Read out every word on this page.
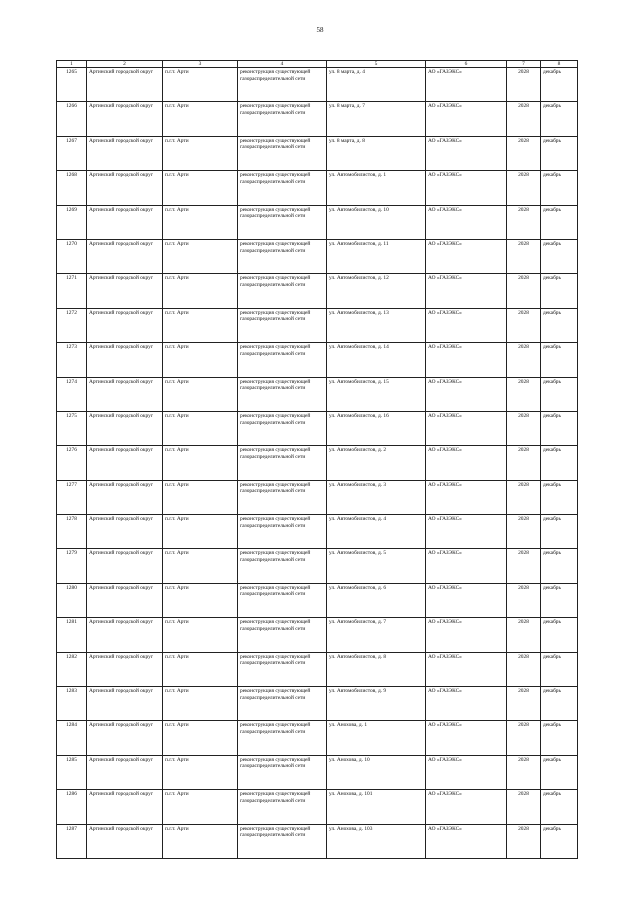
58
1	2	3	4	5	6	7	8
1265	Артинский городской округ	п.г.т. Арти	реконструкция существующей газораспределительной сети	ул. 8 марта, д. 4	АО «ГАЗЭКС»	2028	декабрь
1266	Артинский городской округ	п.г.т. Арти	реконструкция существующей газораспределительной сети	ул. 8 марта, д. 7	АО «ГАЗЭКС»	2028	декабрь
1267	Артинский городской округ	п.г.т. Арти	реконструкция существующей газораспределительной сети	ул. 8 марта, д. 8	АО «ГАЗЭКС»	2028	декабрь
1268	Артинский городской округ	п.г.т. Арти	реконструкция существующей газораспределительной сети	ул. Автомобилистов, д. 1	АО «ГАЗЭКС»	2028	декабрь
1269	Артинский городской округ	п.г.т. Арти	реконструкция существующей газораспределительной сети	ул. Автомобилистов, д. 10	АО «ГАЗЭКС»	2028	декабрь
1270	Артинский городской округ	п.г.т. Арти	реконструкция существующей газораспределительной сети	ул. Автомобилистов, д. 11	АО «ГАЗЭКС»	2028	декабрь
1271	Артинский городской округ	п.г.т. Арти	реконструкция существующей газораспределительной сети	ул. Автомобилистов, д. 12	АО «ГАЗЭКС»	2028	декабрь
1272	Артинский городской округ	п.г.т. Арти	реконструкция существующей газораспределительной сети	ул. Автомобилистов, д. 13	АО «ГАЗЭКС»	2028	декабрь
1273	Артинский городской округ	п.г.т. Арти	реконструкция существующей газораспределительной сети	ул. Автомобилистов, д. 14	АО «ГАЗЭКС»	2028	декабрь
1274	Артинский городской округ	п.г.т. Арти	реконструкция существующей газораспределительной сети	ул. Автомобилистов, д. 15	АО «ГАЗЭКС»	2028	декабрь
1275	Артинский городской округ	п.г.т. Арти	реконструкция существующей газораспределительной сети	ул. Автомобилистов, д. 16	АО «ГАЗЭКС»	2028	декабрь
1276	Артинский городской округ	п.г.т. Арти	реконструкция существующей газораспределительной сети	ул. Автомобилистов, д. 2	АО «ГАЗЭКС»	2028	декабрь
1277	Артинский городской округ	п.г.т. Арти	реконструкция существующей газораспределительной сети	ул. Автомобилистов, д. 3	АО «ГАЗЭКС»	2028	декабрь
1278	Артинский городской округ	п.г.т. Арти	реконструкция существующей газораспределительной сети	ул. Автомобилистов, д. 4	АО «ГАЗЭКС»	2028	декабрь
1279	Артинский городской округ	п.г.т. Арти	реконструкция существующей газораспределительной сети	ул. Автомобилистов, д. 5	АО «ГАЗЭКС»	2028	декабрь
1280	Артинский городской округ	п.г.т. Арти	реконструкция существующей газораспределительной сети	ул. Автомобилистов, д. 6	АО «ГАЗЭКС»	2028	декабрь
1281	Артинский городской округ	п.г.т. Арти	реконструкция существующей газораспределительной сети	ул. Автомобилистов, д. 7	АО «ГАЗЭКС»	2028	декабрь
1282	Артинский городской округ	п.г.т. Арти	реконструкция существующей газораспределительной сети	ул. Автомобилистов, д. 8	АО «ГАЗЭКС»	2028	декабрь
1283	Артинский городской округ	п.г.т. Арти	реконструкция существующей газораспределительной сети	ул. Автомобилистов, д. 9	АО «ГАЗЭКС»	2028	декабрь
1284	Артинский городской округ	п.г.т. Арти	реконструкция существующей газораспределительной сети	ул. Анохова, д. 1	АО «ГАЗЭКС»	2028	декабрь
1285	Артинский городской округ	п.г.т. Арти	реконструкция существующей газораспределительной сети	ул. Анохова, д. 10	АО «ГАЗЭКС»	2028	декабрь
1286	Артинский городской округ	п.г.т. Арти	реконструкция существующей газораспределительной сети	ул. Анохова, д. 101	АО «ГАЗЭКС»	2028	декабрь
1287	Артинский городской округ	п.г.т. Арти	реконструкция существующей газораспределительной сети	ул. Анохова, д. 103	АО «ГАЗЭКС»	2028	декабрь
